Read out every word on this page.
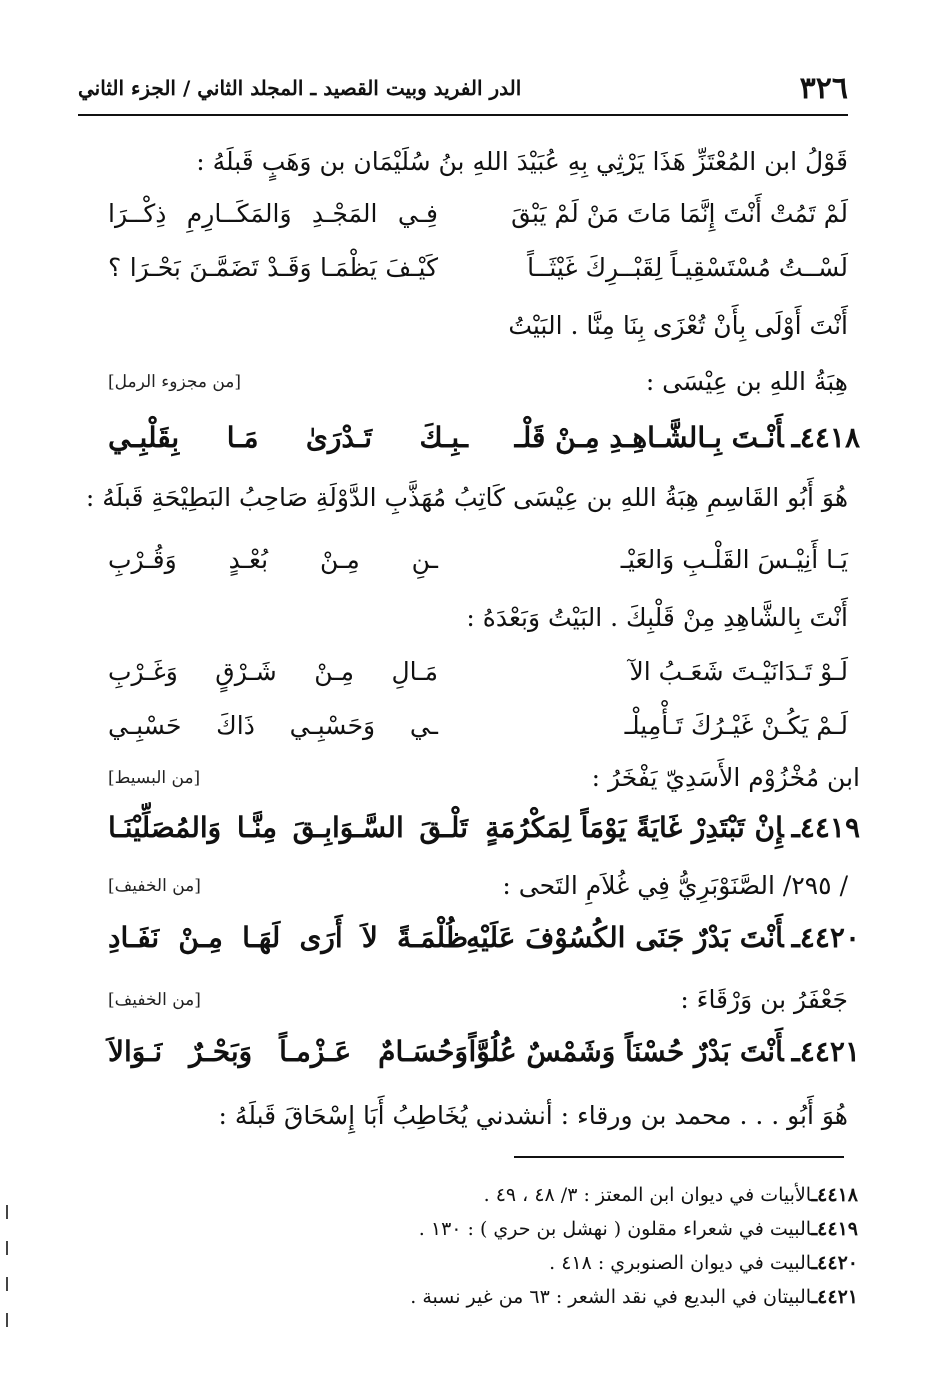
٣٢٦
الدر الفريد وبيت القصيد ـ المجلد الثاني / الجزء الثاني
قَوْلُ ابن المُعْتَزِّ هَذَا يَرْثِي بِهِ عُبَيْدَ اللهِ بنُ سُلَيْمَان بن وَهَبٍ قَبلَهُ :
لَمْ تَمُتْ أَنْتَ إِنَّمَا مَاتَ مَنْ لَمْ يَبْقَ
فِـي المَجْـدِ وَالمَكَــارِمِ ذِكْــرَا
لَسْــتُ مُسْتَسْقِيـاً لِقَبْــرِكَ غَيْثَــاً
كَيْـفَ يَظْمَـا وَقَـدْ تَضَمَّـنَ بَحْـرَا ؟
أَنْتَ أَوْلَى بِأَنْ تُعْزَى بِنَا مِنَّا . البَيْتُ
هِبَةُ اللهِ بن عِيْسَى :
[من مجزوء الرمل]
٤٤١٨ـأَنْـتَ بِـالشَّـاهِـدِ مِـنْ قَلْـ
ـبِـكَ تَـدْرَىٰ مَـا بِقَلْبِـي
هُوَ أَبُو القَاسِمِ هِبَةُ اللهِ بن عِيْسَى كَاتِبُ مُهَذَّبِ الدَّوْلَةِ صَاحِبُ البَطِيْحَةِ قَبلَهُ :
يَـا أَنِيْـسَ القَلْـبِ وَالعَيْـ
ـنِ مِـنْ بُعْـدٍ وَقُـرْبِ
أَنْتَ بِالشَّاهِدِ مِنْ قَلْبِكَ . البَيْتُ وَبَعْدَهُ :
لَـوْ تَـدَانَيْـتَ شَعَـبُ الآ
مَـالِ مِـنْ شَـرْقٍ وَغَـرْبِ
لَـمْ يَكُـنْ غَيْـرُكَ تَـأْمِيلْـ
ـي وَحَسْبِـي ذَاكَ حَسْبِـي
ابن مُخْزُوْم الأَسَدِيّ يَفْخَرُ :
[من البسيط]
٤٤١٩ـإِنْ تَبْتَدِرْ غَايَةً يَوْمَاً لِمَكْرُمَةٍ
تَلْـقَ السَّـوَابِـقَ مِنَّـا وَالمُصَلِّيْنَـا
/ ٢٩٥/ الصَّنَوْبَرِيُّ فِي غُلاَمِ التَحى :
[من الخفيف]
٤٤٢٠ـأَنْتَ بَدْرٌ جَنَى الكُسُوْفَ عَلَيْهِ
ظُلْمَـةً لاَ أَرَى لَهَـا مِـنْ نَفَـادِ
جَعْفَرُ بن وَرْقَاءَ :
[من الخفيف]
٤٤٢١ـأَنْتَ بَدْرٌ حُسْنَاً وَشَمْسٌ عُلُوَّاً
وَحُسَـامٌ عَـزْمـاً وَبَحْـرٌ نَـوَالاَ
هُوَ أَبُو . . . محمد بن ورقاء : أنشدني يُخَاطِبُ أَبَا إِسْحَاقَ قَبلَهُ :
٤٤١٨ـالأبيات في ديوان ابن المعتز : ٣/ ٤٨ ، ٤٩ .
٤٤١٩ـالبيت في شعراء مقلون ( نهشل بن حري ) : ١٣٠ .
٤٤٢٠ـالبيت في ديوان الصنوبري : ٤١٨ .
٤٤٢١ـالبيتان في البديع في نقد الشعر : ٦٣ من غير نسبة .
